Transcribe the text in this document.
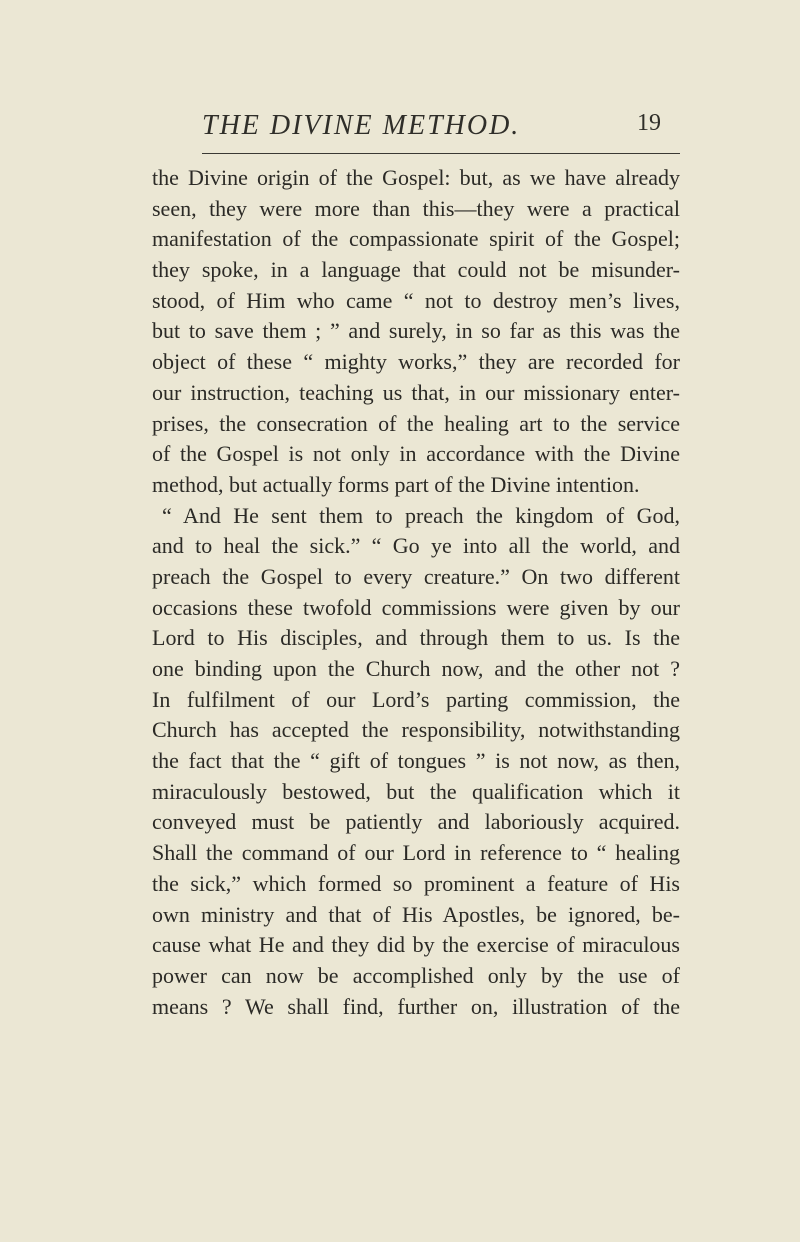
THE DIVINE METHOD.	19
the Divine origin of the Gospel: but, as we have already
seen, they were more than this—they were a practical
manifestation of the compassionate spirit of the Gospel;
they spoke, in a language that could not be misunder-
stood, of Him who came “ not to destroy men’s lives,
but to save them ; ” and surely, in so far as this was the
object of these “ mighty works,” they are recorded for
our instruction, teaching us that, in our missionary enter-
prises, the consecration of the healing art to the service
of the Gospel is not only in accordance with the Divine
method, but actually forms part of the Divine intention.
“ And He sent them to preach the kingdom of God,
and to heal the sick.” “ Go ye into all the world, and
preach the Gospel to every creature.” On two different
occasions these twofold commissions were given by our
Lord to His disciples, and through them to us. Is the
one binding upon the Church now, and the other not ?
In fulfilment of our Lord’s parting commission, the
Church has accepted the responsibility, notwithstanding
the fact that the “ gift of tongues ” is not now, as then,
miraculously bestowed, but the qualification which it
conveyed must be patiently and laboriously acquired.
Shall the command of our Lord in reference to “ healing
the sick,” which formed so prominent a feature of His
own ministry and that of His Apostles, be ignored, be-
cause what He and they did by the exercise of miraculous
power can now be accomplished only by the use of
means ? We shall find, further on, illustration of the
